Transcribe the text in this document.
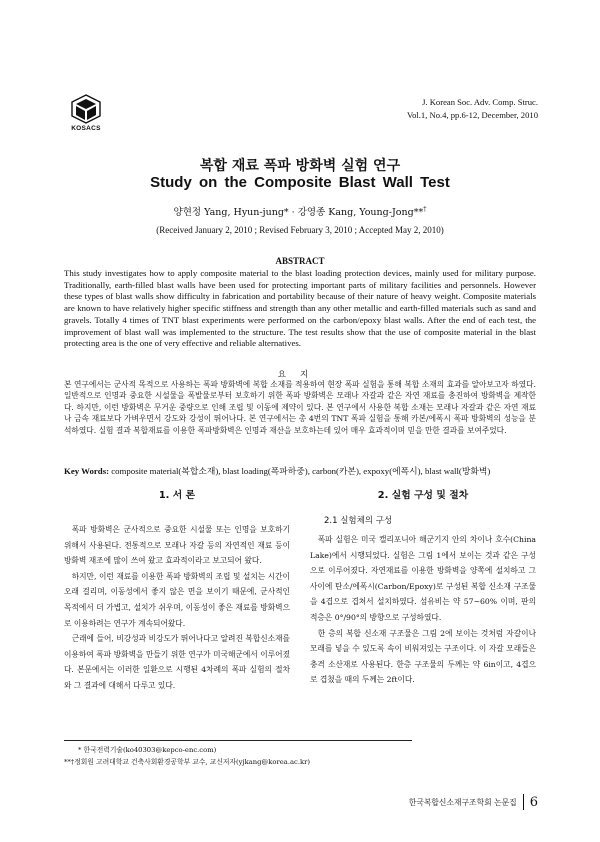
KOSACS
J. Korean Soc. Adv. Comp. Struc.
Vol.1, No.4, pp.6-12, December, 2010
복합 재료 폭파 방화벽 실험 연구
Study on the Composite Blast Wall Test
양현정 Yang, Hyun-jung* · 강영종 Kang, Young-Jong**†
(Received January 2, 2010 ; Revised February 3, 2010 ; Accepted May 2, 2010)
ABSTRACT
This study investigates how to apply composite material to the blast loading protection devices, mainly used for military purpose. Traditionally, earth-filled blast walls have been used for protecting important parts of military facilities and personnels. However these types of blast walls show difficulty in fabrication and portability because of their nature of heavy weight. Composite materials are known to have relatively higher specific stiffness and strength than any other metallic and earth-filled materials such as sand and gravels. Totally 4 times of TNT blast experiments were performed on the carbon/epoxy blast walls. After the end of each test, the improvement of blast wall was implemented to the structure. The test results show that the use of composite material in the blast protecting area is the one of very effective and reliable alternatives.
요지
본 연구에서는 군사적 목적으로 사용하는 폭파 방화벽에 복합 소재를 적용하여 현장 폭파 실험을 통해 복합 소재의 효과를 알아보고자 하였다. 일반적으로 인명과 중요한 시설물을 폭발물로부터 보호하기 위한 폭파 방화벽은 모래나 자갈과 같은 자연 재료를 충진하여 방화벽을 제작한다. 하지만, 이런 방화벽은 무거운 중량으로 인해 조립 및 이동에 제약이 있다. 본 연구에서 사용한 복합 소재는 모래나 자갈과 같은 자연 재료나 금속 재료보다 가벼우면서 강도와 강성이 뛰어나다. 본 연구에서는 총 4번의 TNT 폭파 실험을 통해 카본/에폭시 폭파 방화벽의 성능을 분석하였다. 실험 결과 복합재료를 이용한 폭파방화벽은 인명과 재산을 보호하는데 있어 매우 효과적이며 믿을 만한 결과를 보여주었다.
Key Words: composite material(복합소재), blast loading(폭파하중), carbon(카본), expoxy(에폭시), blast wall(방화벽)
1. 서 론	2. 실험 구성 및 절차

폭파 방화벽은 군사적으로 중요한 시설물 또는 인명을 보호하기 위해서 사용된다. 전통적으로 모래나 자갈 등의 자연적인 재료 등이 방화벽 재조에 많이 쓰여 왔고 효과적이라고 보고되어 왔다.

하지만, 이런 재료를 이용한 폭파 방화벽의 조립 및 설치는 시간이 오래 걸리며, 이동성에서 좋지 않은 면을 보이기 때문에, 군사적인 목적에서 더 가볍고, 설치가 쉬우며, 이동성이 좋은 재료를 방화벽으로 이용하려는 연구가 계속되어왔다.

근래에 들어, 비강성과 비강도가 뛰어나다고 알려진 복합신소재를 이용하여 폭파 방화벽을 만들기 위한 연구가 미국해군에서 이루어졌다. 본문에서는 이러한 일환으로 시행된 4차례의 폭파 실험의 절차와 그 결과에 대해서 다루고 있다.

2.1 실험체의 구성

폭파 실험은 미국 캘리포니아 해군기지 안의 차이나 호수(China Lake)에서 시행되었다. 실험은 그림 1에서 보이는 것과 같은 구성으로 이루어졌다. 자연재료를 이용한 방화벽을 양쪽에 설치하고 그 사이에 탄소/에폭시(Carbon/Epoxy)로 구성된 복합 신소재 구조물을 4겹으로 겹쳐서 설치하였다. 섬유비는 약 57~60% 이며, 판의 적층은 0°/90°의 방향으로 구성하였다.

한 층의 복합 신소재 구조물은 그림 2에 보이는 것처럼 자갈이나 모래를 넣을 수 있도록 속이 비워져있는 구조이다. 이 자갈 모래들은 충격 소산재로 사용된다. 한층 구조물의 두께는 약 6in이고, 4겹으로 겹쳤을 때의 두께는 2ft이다.

* 한국전력기술(ko40303@kepco-enc.com)
**†정회원 고려대학교 건축사회환경공학부 교수, 교신저자(yjkang@korea.ac.kr)
한국복합신소재구조학회 논문집 6
